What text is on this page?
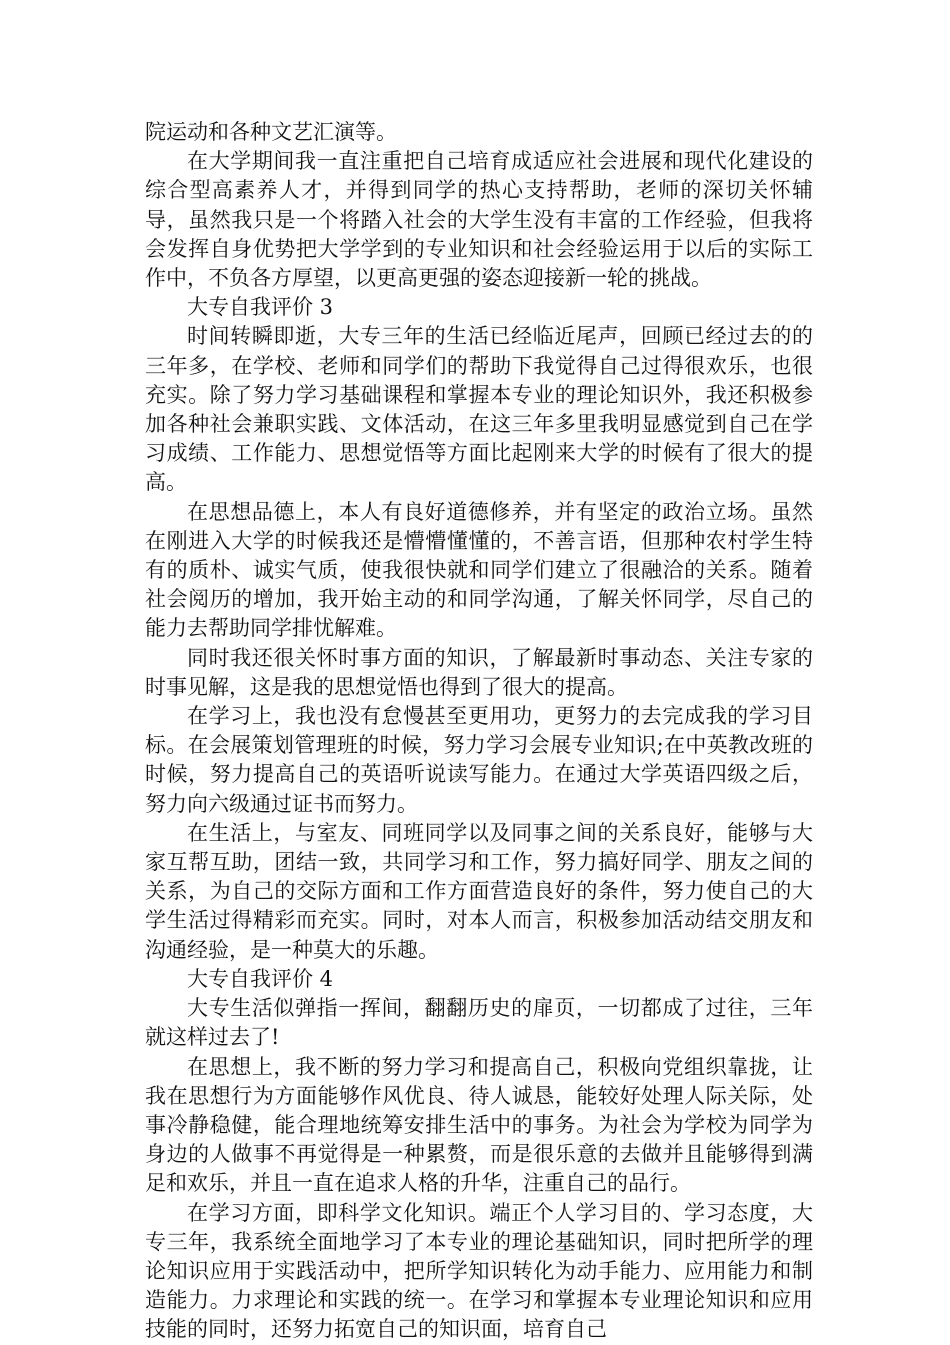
院运动和各种文艺汇演等。

在大学期间我一直注重把自己培育成适应社会进展和现代化建设的综合型高素养人才，并得到同学的热心支持帮助，老师的深切关怀辅导，虽然我只是一个将踏入社会的大学生没有丰富的工作经验，但我将会发挥自身优势把大学学到的专业知识和社会经验运用于以后的实际工作中，不负各方厚望，以更高更强的姿态迎接新一轮的挑战。

大专自我评价 3

时间转瞬即逝，大专三年的生活已经临近尾声，回顾已经过去的的三年多，在学校、老师和同学们的帮助下我觉得自己过得很欢乐，也很充实。除了努力学习基础课程和掌握本专业的理论知识外，我还积极参加各种社会兼职实践、文体活动，在这三年多里我明显感觉到自己在学习成绩、工作能力、思想觉悟等方面比起刚来大学的时候有了很大的提高。

在思想品德上，本人有良好道德修养，并有坚定的政治立场。虽然在刚进入大学的时候我还是懵懵懂懂的，不善言语，但那种农村学生特有的质朴、诚实气质，使我很快就和同学们建立了很融洽的关系。随着社会阅历的增加，我开始主动的和同学沟通，了解关怀同学，尽自己的能力去帮助同学排忧解难。

同时我还很关怀时事方面的知识，了解最新时事动态、关注专家的时事见解，这是我的思想觉悟也得到了很大的提高。

在学习上，我也没有怠慢甚至更用功，更努力的去完成我的学习目标。在会展策划管理班的时候，努力学习会展专业知识;在中英教改班的时候，努力提高自己的英语听说读写能力。在通过大学英语四级之后，努力向六级通过证书而努力。

在生活上，与室友、同班同学以及同事之间的关系良好，能够与大家互帮互助，团结一致，共同学习和工作，努力搞好同学、朋友之间的关系，为自己的交际方面和工作方面营造良好的条件，努力使自己的大学生活过得精彩而充实。同时，对本人而言，积极参加活动结交朋友和沟通经验，是一种莫大的乐趣。

大专自我评价 4

大专生活似弹指一挥间，翻翻历史的扉页，一切都成了过往，三年就这样过去了!

在思想上，我不断的努力学习和提高自己，积极向党组织靠拢，让我在思想行为方面能够作风优良、待人诚恳，能较好处理人际关际，处事冷静稳健，能合理地统筹安排生活中的事务。为社会为学校为同学为身边的人做事不再觉得是一种累赘，而是很乐意的去做并且能够得到满足和欢乐，并且一直在追求人格的升华，注重自己的品行。

在学习方面，即科学文化知识。端正个人学习目的、学习态度，大专三年，我系统全面地学习了本专业的理论基础知识，同时把所学的理论知识应用于实践活动中，把所学知识转化为动手能力、应用能力和制造能力。力求理论和实践的统一。在学习和掌握本专业理论知识和应用技能的同时，还努力拓宽自己的知识面，培育自己
